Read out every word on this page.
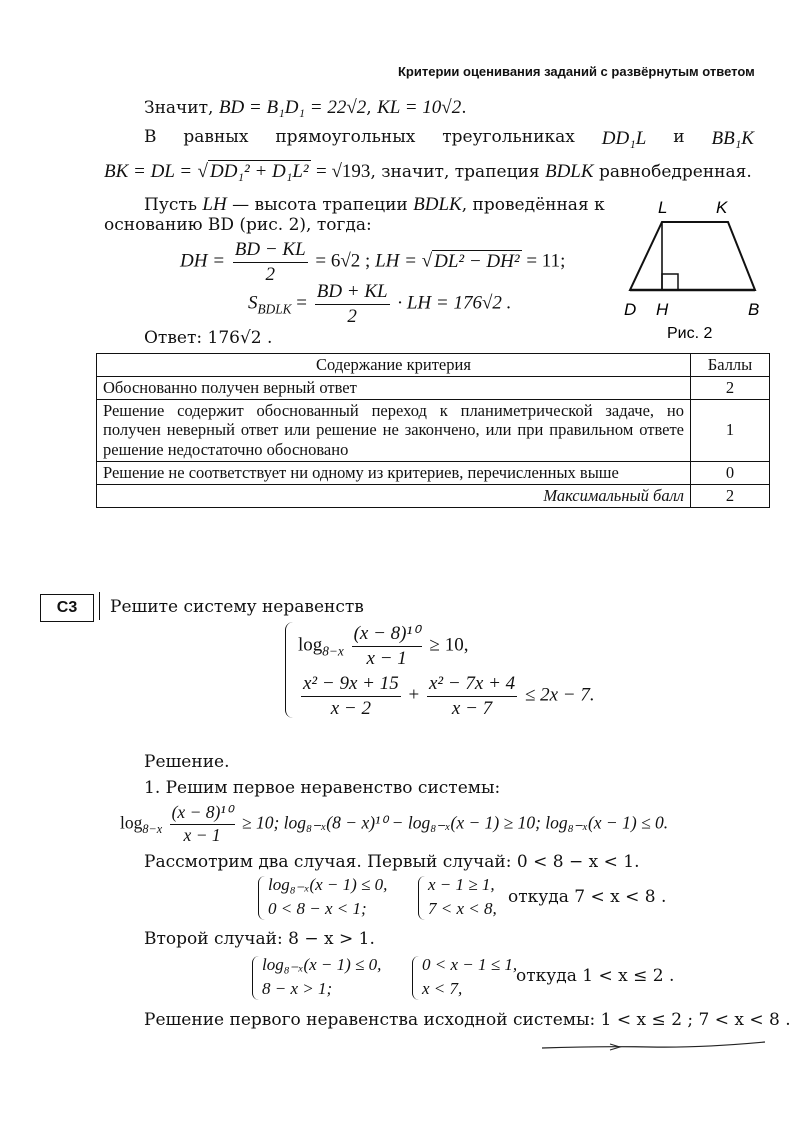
Критерии оценивания заданий с развёрнутым ответом
Значит, BD = B₁D₁ = 22√2, KL = 10√2.
В равных прямоугольных треугольниках DD₁L и BB₁K
BK = DL = √ DD₁² + D₁L² = √193, значит, трапеция BDLK равнобедренная.
Пусть LH — высота трапеции BDLK, проведённая к
основанию BD (рис. 2), тогда:
DH = $\frac{BD - KL}{2} = 6√2$ ; LH = √ DL² − DH² = 11;
$S_{BDLK} = \frac{BD + KL}{2}$ · LH = 176√2 .
Ответ: 176√2 .
L	K
D H	B
Рис. 2
Содержание критерия	Баллы
Обоснованно получен верный ответ	2
Решение содержит обоснованный переход к планиметрической задаче, но получен неверный ответ или решение не закончено, или при правильном ответе решение недостаточно обосновано	1
Решение не соответствует ни одному из критериев, перечисленных выше	0
Максимальный балл	2
C3	Решите систему неравенств
$\log_{8-x} \frac{\text{(x − 8)¹⁰}}{x - 1} \ge 10$,
$\frac{\text{x² − 9x + 15}}{x - 2} + \frac{\text{x² − 7x + 4}}{x - 7} \le 2x - 7$.
Решение.
1. Решим первое неравенство системы:
$\log_{8-x} \frac{\text{(x − 8)¹⁰}}{x - 1} \ge 10$; log₈₋ₓ(8 − x)¹⁰ − log₈₋ₓ(x − 1) ≥ 10; log₈₋ₓ(x − 1) ≤ 0.
Рассмотрим два случая. Первый случай: 0 < 8 − x < 1.
log₈₋ₓ(x − 1) ≤ 0,
0 < 8 − x < 1;
x − 1 ≥ 1,
7 < x < 8,
откуда 7 < x < 8 .
Второй случай: 8 − x > 1.
log₈₋ₓ(x − 1) ≤ 0,
8 − x > 1;
0 < x − 1 ≤ 1,
x < 7,
откуда 1 < x ≤ 2 .
Решение первого неравенства исходной системы: 1 < x ≤ 2 ; 7 < x < 8 .
